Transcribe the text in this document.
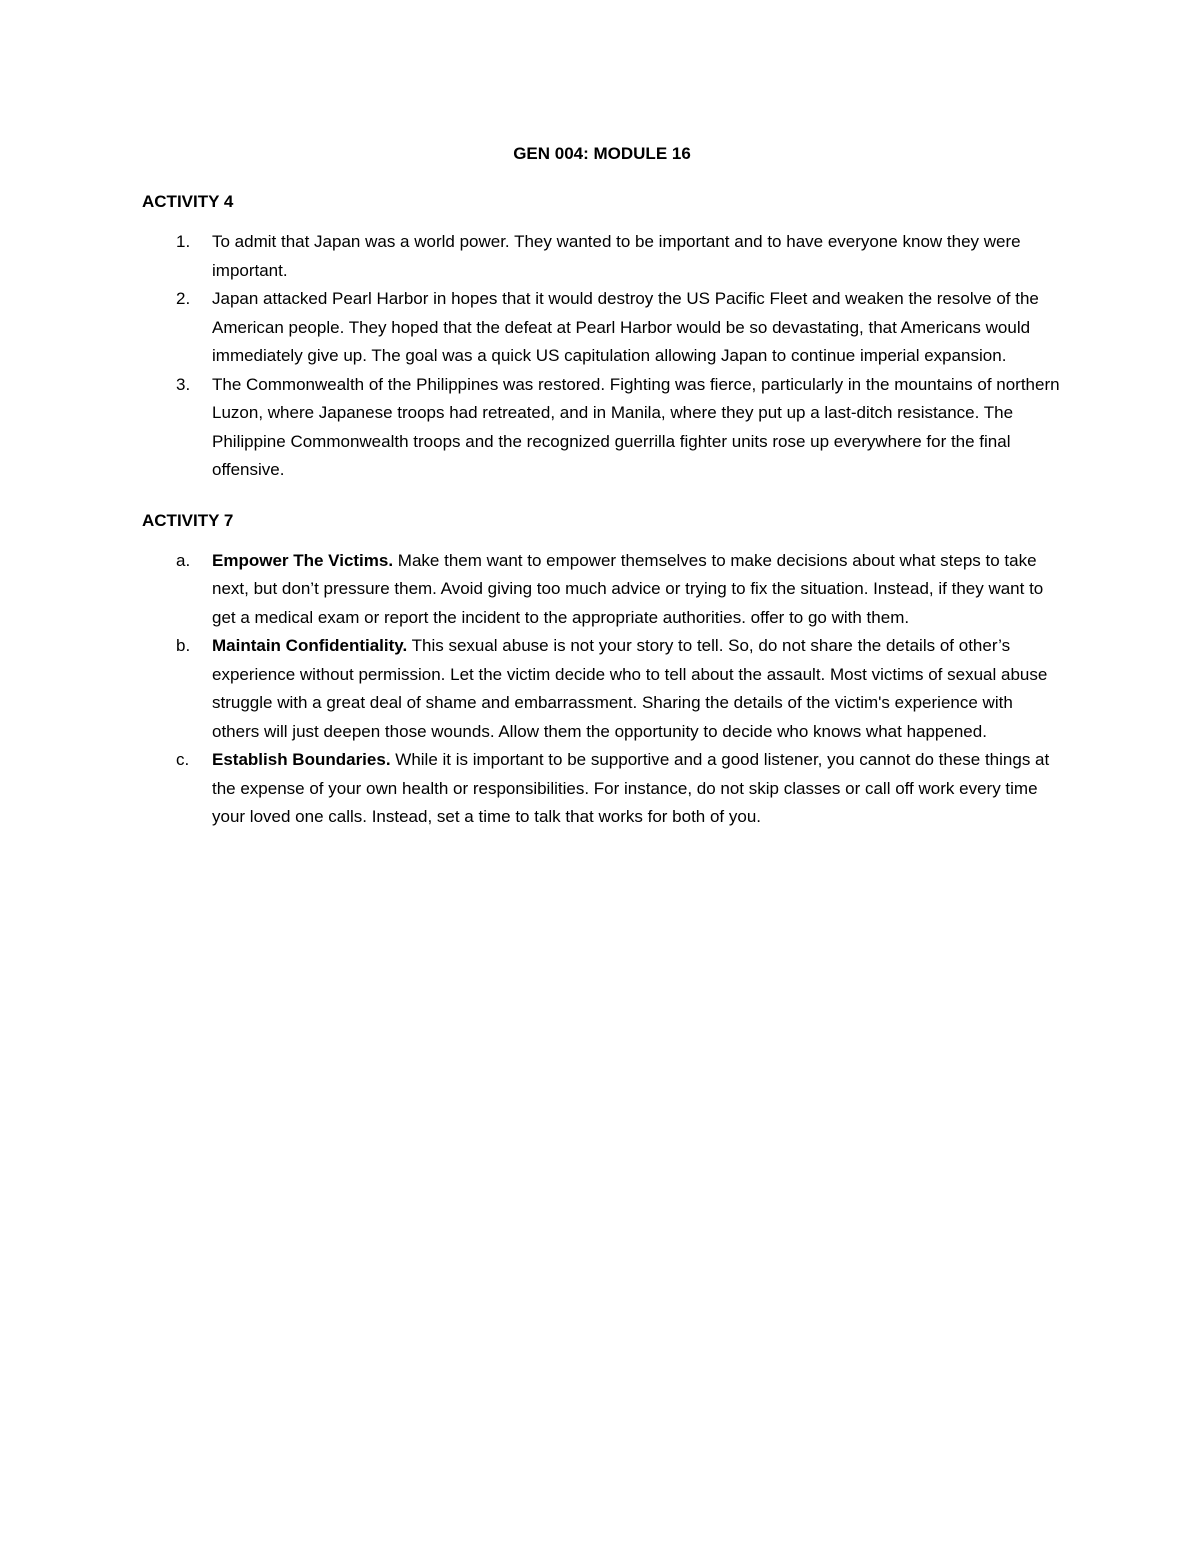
GEN 004: MODULE 16
ACTIVITY 4
1. To admit that Japan was a world power. They wanted to be important and to have everyone know they were important.
2. Japan attacked Pearl Harbor in hopes that it would destroy the US Pacific Fleet and weaken the resolve of the American people. They hoped that the defeat at Pearl Harbor would be so devastating, that Americans would immediately give up. The goal was a quick US capitulation allowing Japan to continue imperial expansion.
3. The Commonwealth of the Philippines was restored. Fighting was fierce, particularly in the mountains of northern Luzon, where Japanese troops had retreated, and in Manila, where they put up a last-ditch resistance. The Philippine Commonwealth troops and the recognized guerrilla fighter units rose up everywhere for the final offensive.
ACTIVITY 7
a. Empower The Victims. Make them want to empower themselves to make decisions about what steps to take next, but don’t pressure them. Avoid giving too much advice or trying to fix the situation. Instead, if they want to get a medical exam or report the incident to the appropriate authorities. offer to go with them.
b. Maintain Confidentiality. This sexual abuse is not your story to tell. So, do not share the details of other’s experience without permission. Let the victim decide who to tell about the assault. Most victims of sexual abuse struggle with a great deal of shame and embarrassment. Sharing the details of the victim's experience with others will just deepen those wounds. Allow them the opportunity to decide who knows what happened.
c. Establish Boundaries. While it is important to be supportive and a good listener, you cannot do these things at the expense of your own health or responsibilities. For instance, do not skip classes or call off work every time your loved one calls. Instead, set a time to talk that works for both of you.
